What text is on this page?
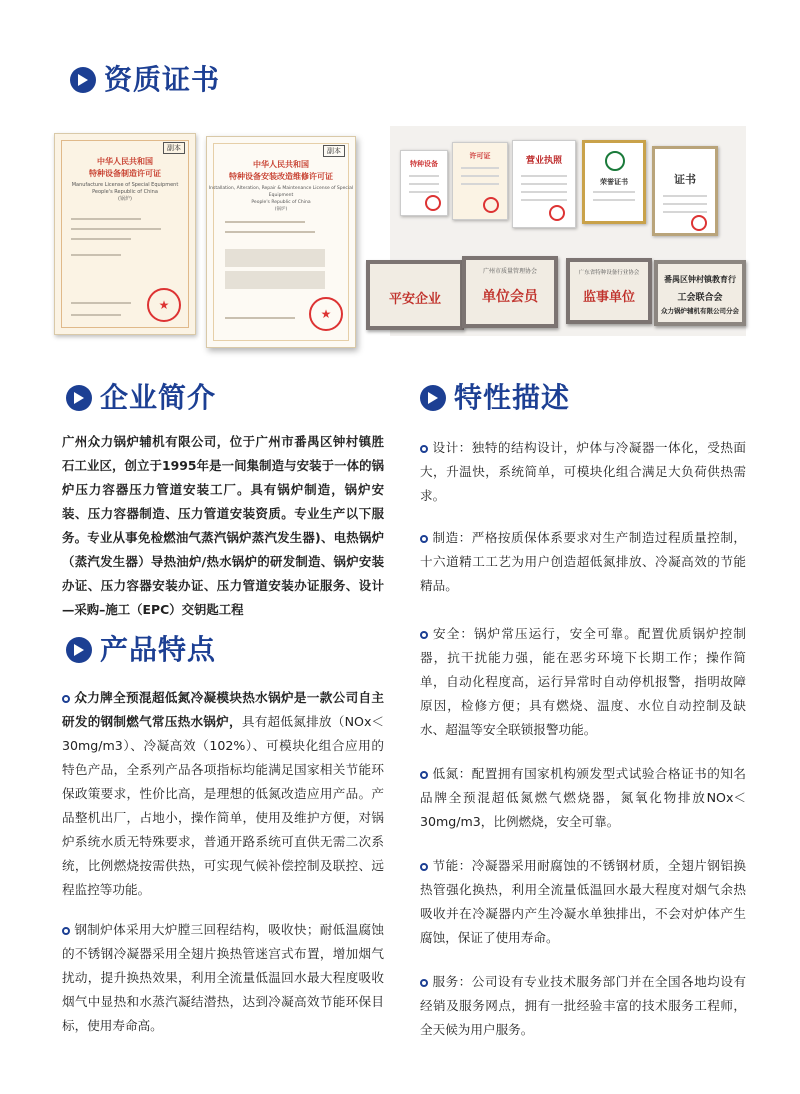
资质证书
副本
中华人民共和国
特种设备制造许可证
Manufacture License of Special Equipment
People's Republic of China
(锅炉)
★
副本
中华人民共和国
特种设备安装改造维修许可证
Installation, Alteration, Repair & Maintenance License of Special Equipment
People's Republic of China
(锅炉)
★
特种设备
许可证	营业执照
荣誉证书	证书
平安企业
广州市质量管理协会
单位会员
广东省特种设备行业协会
监事单位
番禺区钟村镇教育行
工会联合会
众力锅炉辅机有限公司分会
企业简介	特性描述
广州众力锅炉辅机有限公司，位于广州市番禺区钟村镇胜石工业区，创立于1995年是一间集制造与安装于一体的锅炉压力容器压力管道安装工厂。具有锅炉制造，锅炉安装、压力容器制造、压力管道安装资质。专业生产以下服务。专业从事免检燃油气蒸汽锅炉蒸汽发生器)、电热锅炉（蒸汽发生器）导热油炉/热水锅炉的研发制造、锅炉安装办证、压力容器安装办证、压力管道安装办证服务、设计—采购–施工（EPC）交钥匙工程
产品特点
众力牌全预混超低氮冷凝模块热水锅炉是一款公司自主研发的钢制燃气常压热水锅炉，具有超低氮排放（NOx＜30mg/m3）、冷凝高效（102%）、可模块化组合应用的特色产品，全系列产品各项指标均能满足国家相关节能环保政策要求，性价比高，是理想的低氮改造应用产品。产品整机出厂，占地小，操作简单，使用及维护方便，对锅炉系统水质无特殊要求，普通开路系统可直供无需二次系统，比例燃烧按需供热，可实现气候补偿控制及联控、远程监控等功能。
钢制炉体采用大炉膛三回程结构，吸收快；耐低温腐蚀的不锈钢冷凝器采用全翅片换热管迷宫式布置，增加烟气扰动，提升换热效果，利用全流量低温回水最大程度吸收烟气中显热和水蒸汽凝结潜热，达到冷凝高效节能环保目标，使用寿命高。
设计：独特的结构设计，炉体与冷凝器一体化，受热面大，升温快，系统简单，可模块化组合满足大负荷供热需求。
制造：严格按质保体系要求对生产制造过程质量控制，十六道精工工艺为用户创造超低氮排放、冷凝高效的节能精品。
安全：锅炉常压运行，安全可靠。配置优质锅炉控制器，抗干扰能力强，能在恶劣环境下长期工作；操作简单，自动化程度高，运行异常时自动停机报警，指明故障原因，检修方便；具有燃烧、温度、水位自动控制及缺水、超温等安全联锁报警功能。
低氮：配置拥有国家机构颁发型式试验合格证书的知名品牌全预混超低氮燃气燃烧器，氮氧化物排放NOx＜30mg/m3，比例燃烧，安全可靠。
节能：冷凝器采用耐腐蚀的不锈钢材质，全翅片钢铝换热管强化换热，利用全流量低温回水最大程度对烟气余热吸收并在冷凝器内产生冷凝水单独排出，不会对炉体产生腐蚀，保证了使用寿命。
服务：公司设有专业技术服务部门并在全国各地均设有经销及服务网点，拥有一批经验丰富的技术服务工程师，全天候为用户服务。
